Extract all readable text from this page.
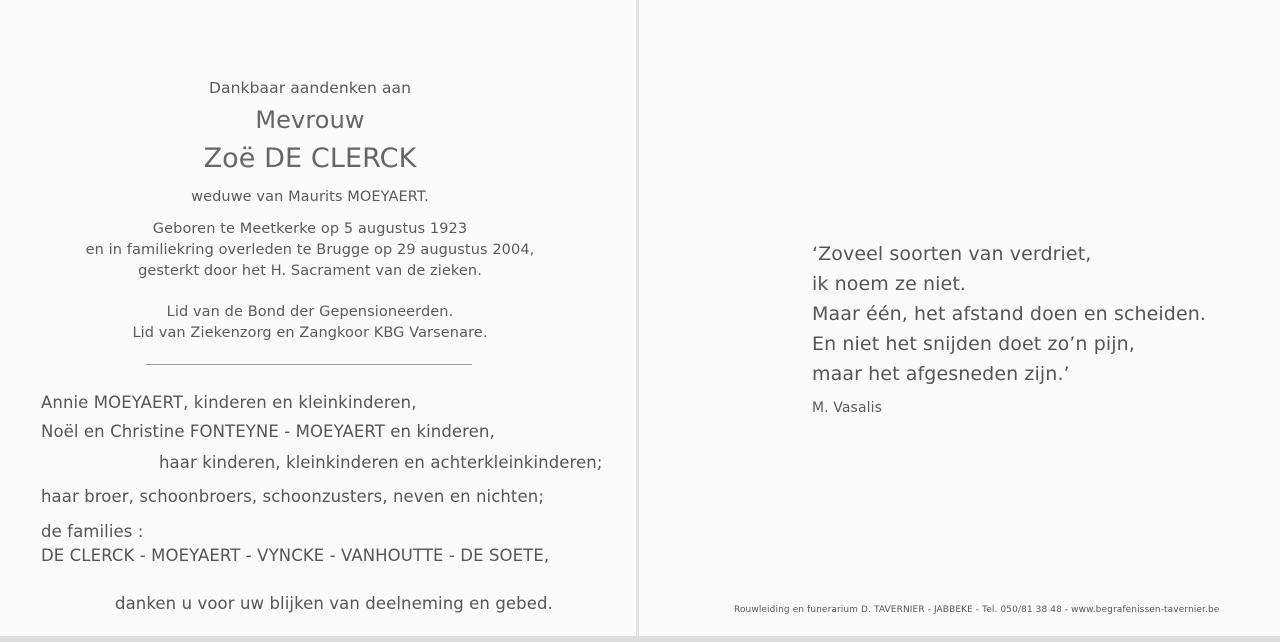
Dankbaar aandenken aan
Mevrouw
Zoë DE CLERCK
weduwe van Maurits MOEYAERT.
Geboren te Meetkerke op 5 augustus 1923
en in familiekring overleden te Brugge op 29 augustus 2004,
gesterkt door het H. Sacrament van de zieken.
Lid van de Bond der Gepensioneerden.
Lid van Ziekenzorg en Zangkoor KBG Varsenare.
Annie MOEYAERT, kinderen en kleinkinderen,
Noël en Christine FONTEYNE - MOEYAERT en kinderen,
haar kinderen, kleinkinderen en achterkleinkinderen;
haar broer, schoonbroers, schoonzusters, neven en nichten;
de families :
DE CLERCK - MOEYAERT - VYNCKE - VANHOUTTE - DE SOETE,
danken u voor uw blijken van deelneming en gebed.
‘Zoveel soorten van verdriet,
ik noem ze niet.
Maar één, het afstand doen en scheiden.
En niet het snijden doet zo’n pijn,
maar het afgesneden zijn.’
M. Vasalis
Rouwleiding en funerarium D. TAVERNIER - JABBEKE - Tel. 050/81 38 48 - www.begrafenissen-tavernier.be
